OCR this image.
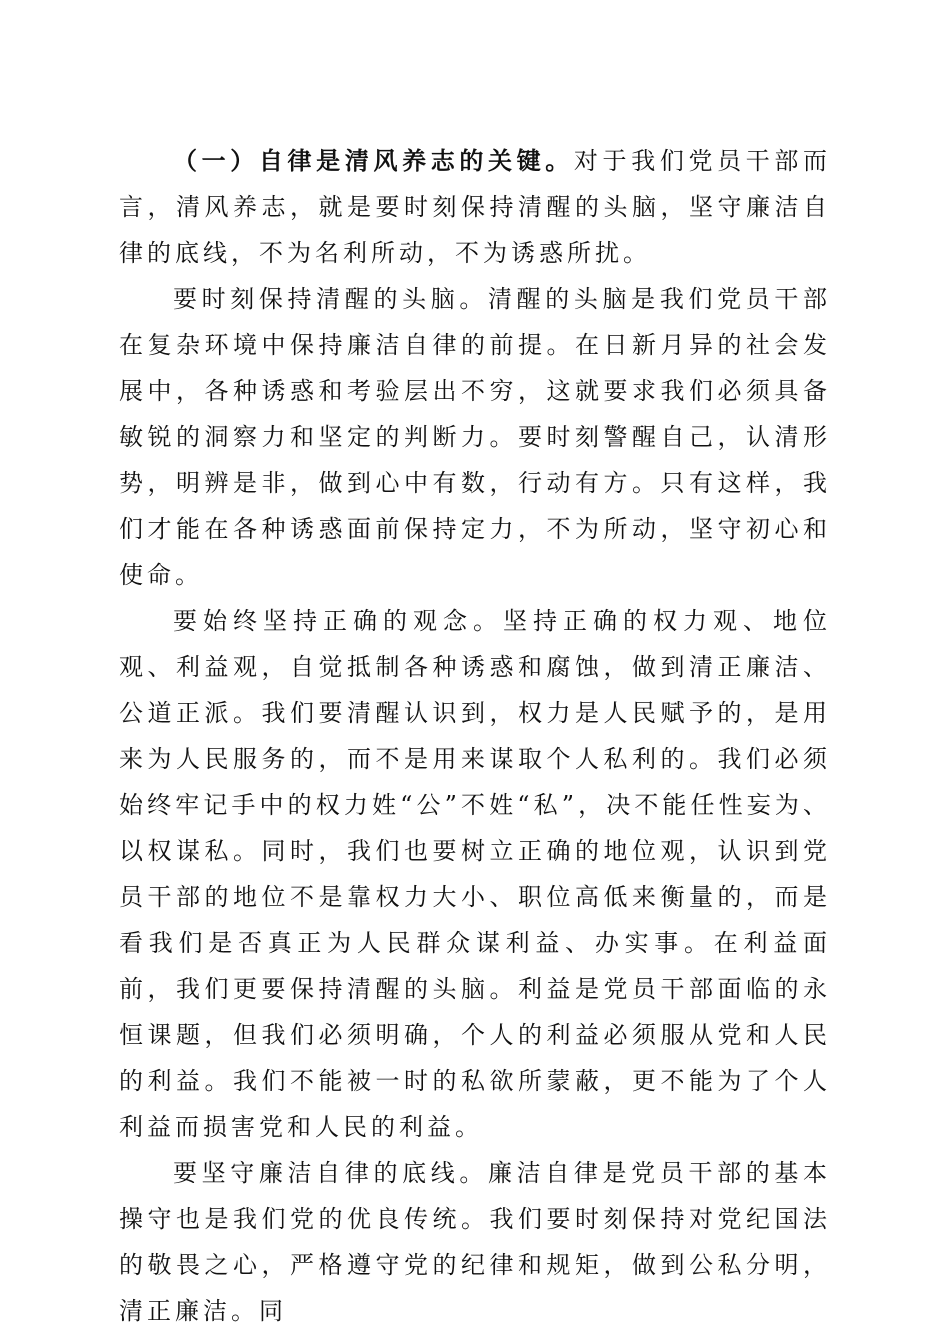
（一）自律是清风养志的关键。对于我们党员干部而言，清风养志，就是要时刻保持清醒的头脑，坚守廉洁自律的底线，不为名利所动，不为诱惑所扰。

要时刻保持清醒的头脑。清醒的头脑是我们党员干部在复杂环境中保持廉洁自律的前提。在日新月异的社会发展中，各种诱惑和考验层出不穷，这就要求我们必须具备敏锐的洞察力和坚定的判断力。要时刻警醒自己，认清形势，明辨是非，做到心中有数，行动有方。只有这样，我们才能在各种诱惑面前保持定力，不为所动，坚守初心和使命。

要始终坚持正确的观念。坚持正确的权力观、地位观、利益观，自觉抵制各种诱惑和腐蚀，做到清正廉洁、公道正派。我们要清醒认识到，权力是人民赋予的，是用来为人民服务的，而不是用来谋取个人私利的。我们必须始终牢记手中的权力姓“公”不姓“私”，决不能任性妄为、以权谋私。同时，我们也要树立正确的地位观，认识到党员干部的地位不是靠权力大小、职位高低来衡量的，而是看我们是否真正为人民群众谋利益、办实事。在利益面前，我们更要保持清醒的头脑。利益是党员干部面临的永恒课题，但我们必须明确，个人的利益必须服从党和人民的利益。我们不能被一时的私欲所蒙蔽，更不能为了个人利益而损害党和人民的利益。

要坚守廉洁自律的底线。廉洁自律是党员干部的基本操守也是我们党的优良传统。我们要时刻保持对党纪国法的敬畏之心，严格遵守党的纪律和规矩，做到公私分明，清正廉洁。同
